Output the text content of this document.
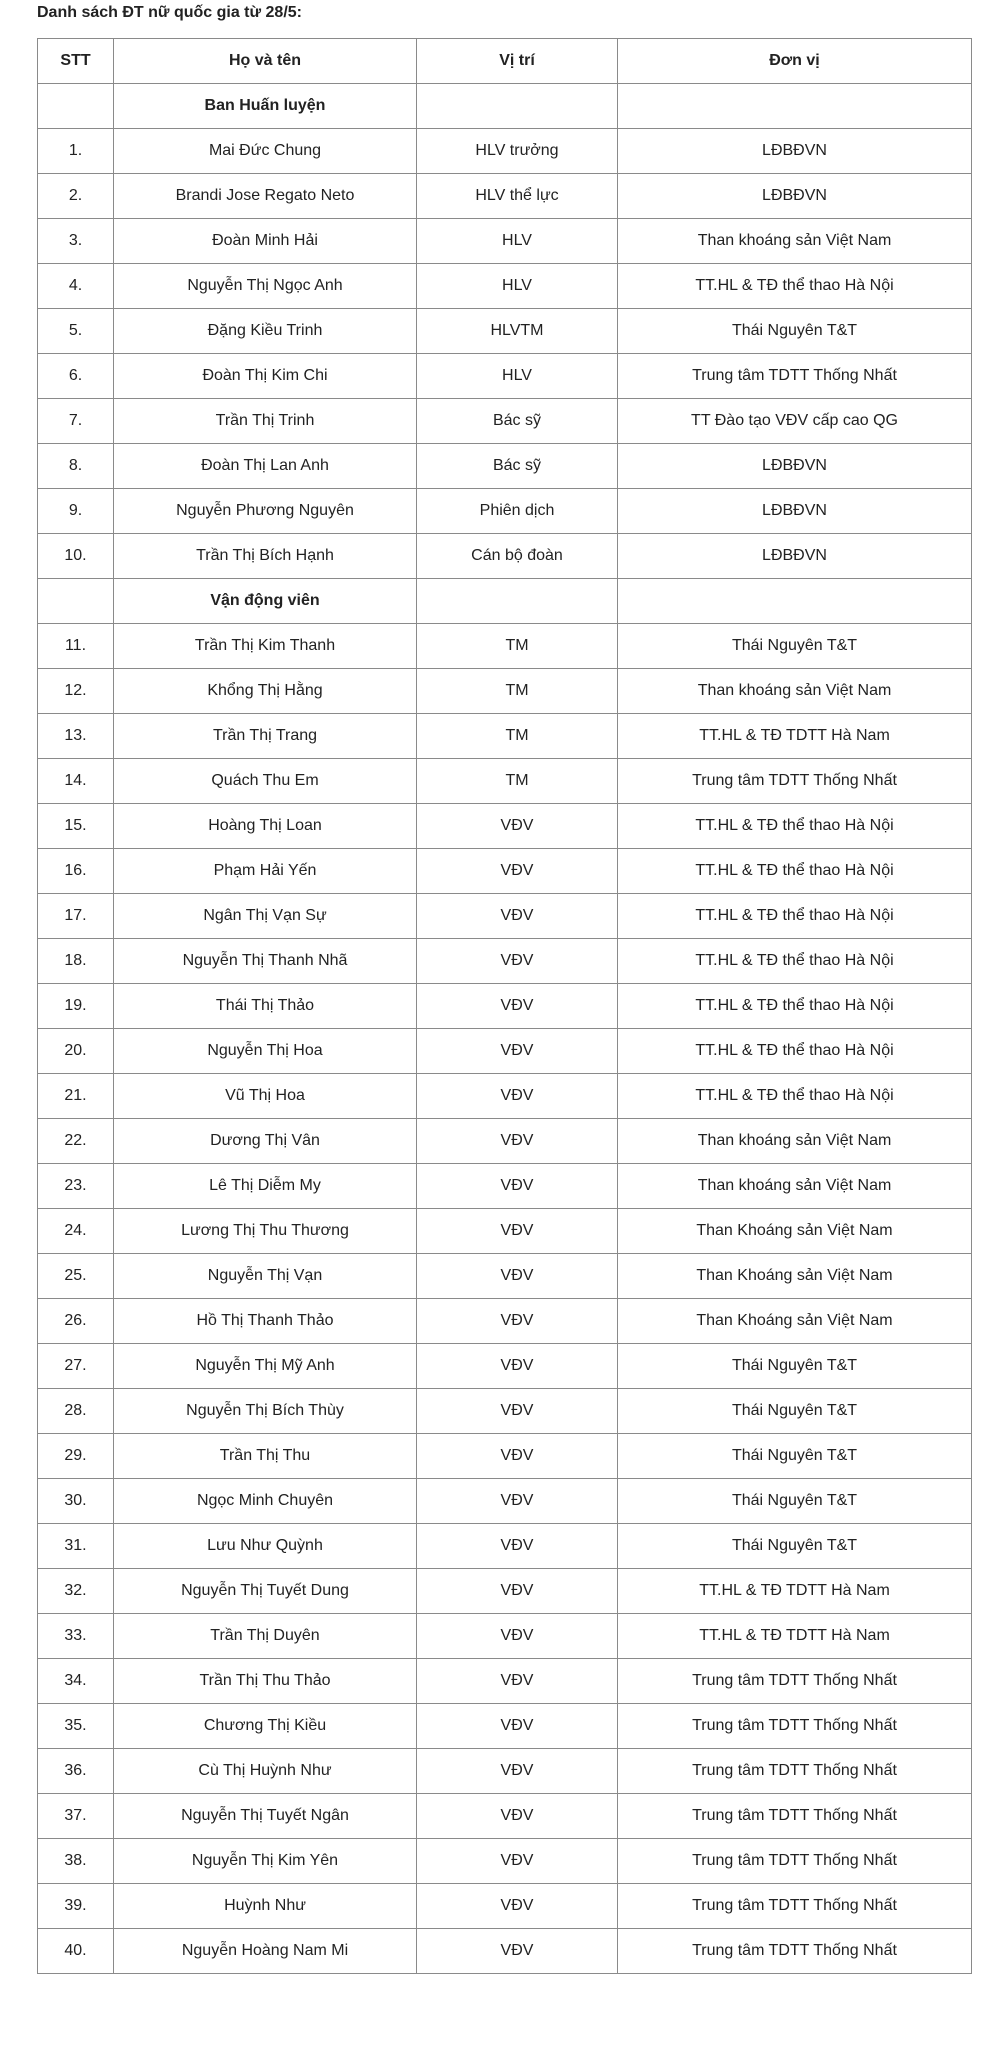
Danh sách ĐT nữ quốc gia từ 28/5:
STT	Họ và tên	Vị trí	Đơn vị
	Ban Huấn luyện		
1.	Mai Đức Chung	HLV trưởng	LĐBĐVN
2.	Brandi Jose Regato Neto	HLV thể lực	LĐBĐVN
3.	Đoàn Minh Hải	HLV	Than khoáng sản Việt Nam
4.	Nguyễn Thị Ngọc Anh	HLV	TT.HL & TĐ thể thao Hà Nội
5.	Đặng Kiều Trinh	HLVTM	Thái Nguyên T&T
6.	Đoàn Thị Kim Chi	HLV	Trung tâm TDTT Thống Nhất
7.	Trần Thị Trinh	Bác sỹ	TT Đào tạo VĐV cấp cao QG
8.	Đoàn Thị Lan Anh	Bác sỹ	LĐBĐVN
9.	Nguyễn Phương Nguyên	Phiên dịch	LĐBĐVN
10.	Trần Thị Bích Hạnh	Cán bộ đoàn	LĐBĐVN
	Vận động viên		
11.	Trần Thị Kim Thanh	TM	Thái Nguyên T&T
12.	Khổng Thị Hằng	TM	Than khoáng sản Việt Nam
13.	Trần Thị Trang	TM	TT.HL & TĐ TDTT Hà Nam
14.	Quách Thu Em	TM	Trung tâm TDTT Thống Nhất
15.	Hoàng Thị Loan	VĐV	TT.HL & TĐ thể thao Hà Nội
16.	Phạm Hải Yến	VĐV	TT.HL & TĐ thể thao Hà Nội
17.	Ngân Thị Vạn Sự	VĐV	TT.HL & TĐ thể thao Hà Nội
18.	Nguyễn Thị Thanh Nhã	VĐV	TT.HL & TĐ thể thao Hà Nội
19.	Thái Thị Thảo	VĐV	TT.HL & TĐ thể thao Hà Nội
20.	Nguyễn Thị Hoa	VĐV	TT.HL & TĐ thể thao Hà Nội
21.	Vũ Thị Hoa	VĐV	TT.HL & TĐ thể thao Hà Nội
22.	Dương Thị Vân	VĐV	Than khoáng sản Việt Nam
23.	Lê Thị Diễm My	VĐV	Than khoáng sản Việt Nam
24.	Lương Thị Thu Thương	VĐV	Than Khoáng sản Việt Nam
25.	Nguyễn Thị Vạn	VĐV	Than Khoáng sản Việt Nam
26.	Hồ Thị Thanh Thảo	VĐV	Than Khoáng sản Việt Nam
27.	Nguyễn Thị Mỹ Anh	VĐV	Thái Nguyên T&T
28.	Nguyễn Thị Bích Thùy	VĐV	Thái Nguyên T&T
29.	Trần Thị Thu	VĐV	Thái Nguyên T&T
30.	Ngọc Minh Chuyên	VĐV	Thái Nguyên T&T
31.	Lưu Như Quỳnh	VĐV	Thái Nguyên T&T
32.	Nguyễn Thị Tuyết Dung	VĐV	TT.HL & TĐ TDTT Hà Nam
33.	Trần Thị Duyên	VĐV	TT.HL & TĐ TDTT Hà Nam
34.	Trần Thị Thu Thảo	VĐV	Trung tâm TDTT Thống Nhất
35.	Chương Thị Kiều	VĐV	Trung tâm TDTT Thống Nhất
36.	Cù Thị Huỳnh Như	VĐV	Trung tâm TDTT Thống Nhất
37.	Nguyễn Thị Tuyết Ngân	VĐV	Trung tâm TDTT Thống Nhất
38.	Nguyễn Thị Kim Yên	VĐV	Trung tâm TDTT Thống Nhất
39.	Huỳnh Như	VĐV	Trung tâm TDTT Thống Nhất
40.	Nguyễn Hoàng Nam Mi	VĐV	Trung tâm TDTT Thống Nhất
